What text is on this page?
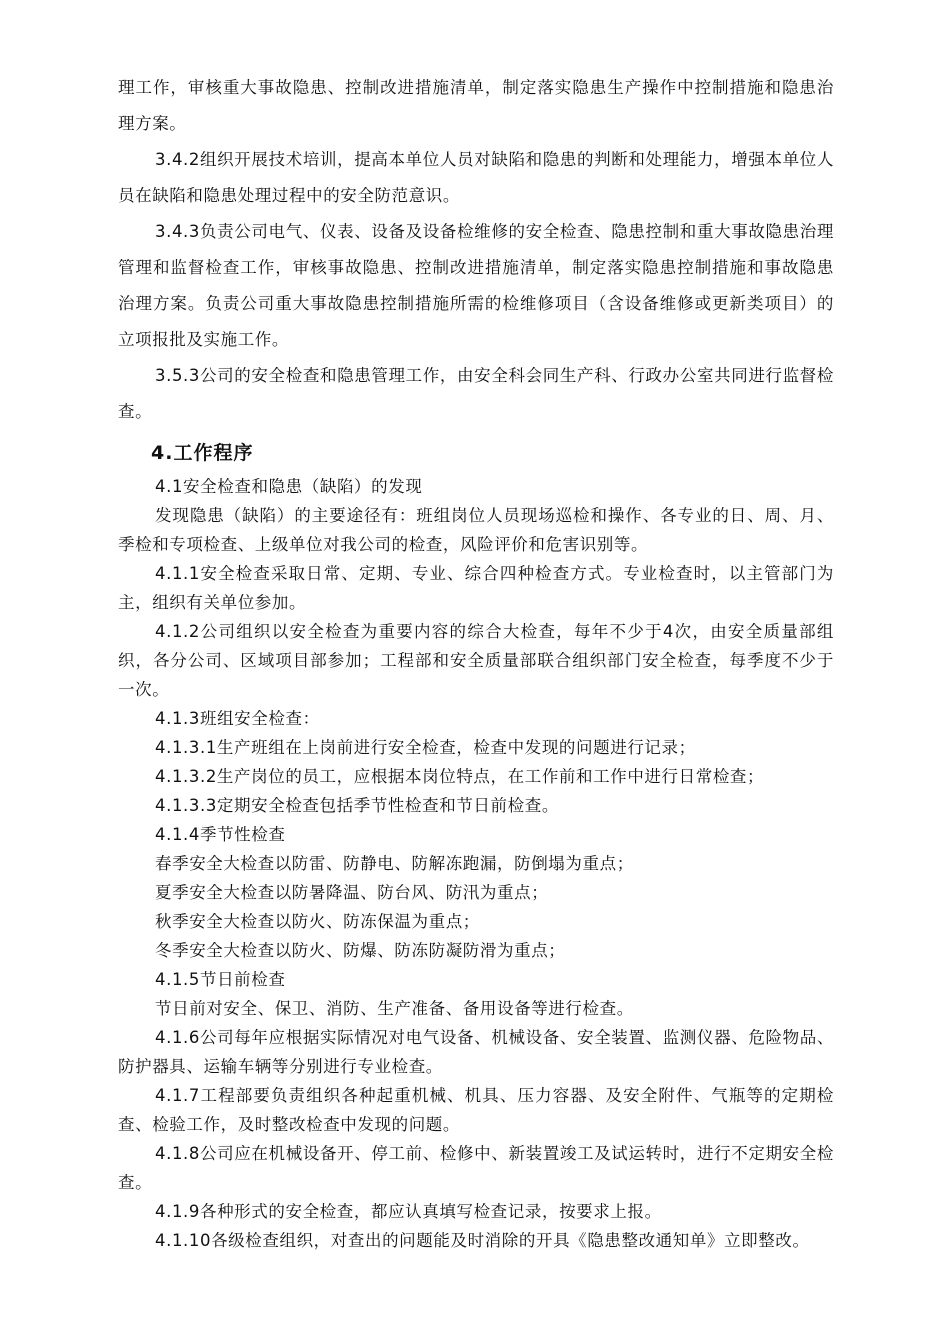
理工作，审核重大事故隐患、控制改进措施清单，制定落实隐患生产操作中控制措施和隐患治理方案。

3.4.2组织开展技术培训，提高本单位人员对缺陷和隐患的判断和处理能力，增强本单位人员在缺陷和隐患处理过程中的安全防范意识。

3.4.3负责公司电气、仪表、设备及设备检维修的安全检查、隐患控制和重大事故隐患治理管理和监督检查工作，审核事故隐患、控制改进措施清单，制定落实隐患控制措施和事故隐患治理方案。负责公司重大事故隐患控制措施所需的检维修项目（含设备维修或更新类项目）的立项报批及实施工作。

3.5.3公司的安全检查和隐患管理工作，由安全科会同生产科、行政办公室共同进行监督检查。

4.工作程序

4.1安全检查和隐患（缺陷）的发现

发现隐患（缺陷）的主要途径有：班组岗位人员现场巡检和操作、各专业的日、周、月、季检和专项检查、上级单位对我公司的检查，风险评价和危害识别等。

4.1.1安全检查采取日常、定期、专业、综合四种检查方式。专业检查时，以主管部门为主，组织有关单位参加。

4.1.2公司组织以安全检查为重要内容的综合大检查，每年不少于4次，由安全质量部组织，各分公司、区域项目部参加；工程部和安全质量部联合组织部门安全检查，每季度不少于一次。

4.1.3班组安全检查：

4.1.3.1生产班组在上岗前进行安全检查，检查中发现的问题进行记录；

4.1.3.2生产岗位的员工，应根据本岗位特点，在工作前和工作中进行日常检查；

4.1.3.3定期安全检查包括季节性检查和节日前检查。

4.1.4季节性检查

春季安全大检查以防雷、防静电、防解冻跑漏，防倒塌为重点；

夏季安全大检查以防暑降温、防台风、防汛为重点；

秋季安全大检查以防火、防冻保温为重点；

冬季安全大检查以防火、防爆、防冻防凝防滑为重点；

4.1.5节日前检查

节日前对安全、保卫、消防、生产准备、备用设备等进行检查。

4.1.6公司每年应根据实际情况对电气设备、机械设备、安全装置、监测仪器、危险物品、防护器具、运输车辆等分别进行专业检查。

4.1.7工程部要负责组织各种起重机械、机具、压力容器、及安全附件、气瓶等的定期检查、检验工作，及时整改检查中发现的问题。

4.1.8公司应在机械设备开、停工前、检修中、新装置竣工及试运转时，进行不定期安全检查。

4.1.9各种形式的安全检查，都应认真填写检查记录，按要求上报。

4.1.10各级检查组织，对查出的问题能及时消除的开具《隐患整改通知单》立即整改。
